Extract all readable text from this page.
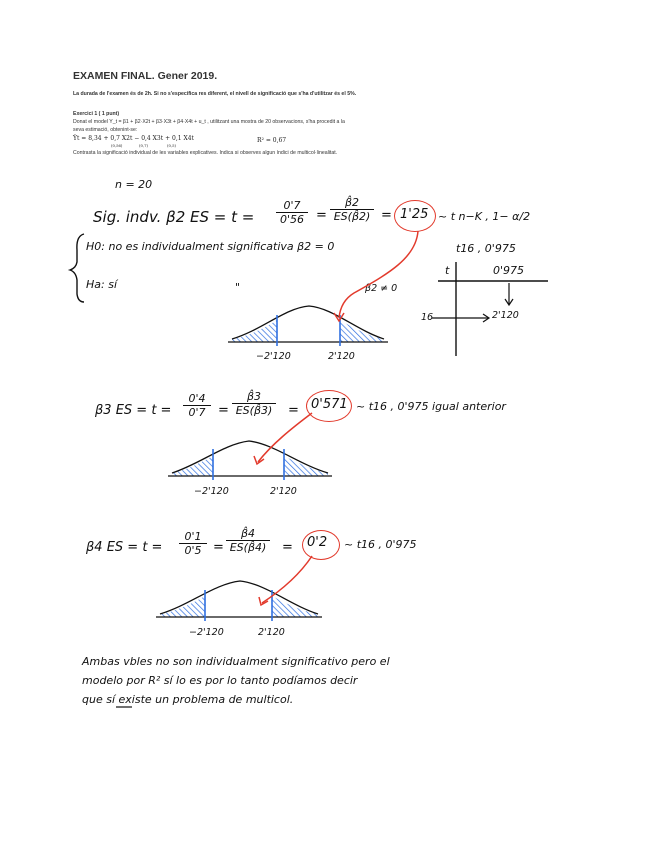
EXAMEN FINAL. Gener 2019.
La durada de l'examen és de 2h. Si no s'especifica res diferent, el nivell de significació que s'ha d'utilitzar és el 5%.
Exercici 1 ( 1 punt)
Donat el model Y_t = β1 + β2·X2t + β3·X3t + β4·X4t + u_t , utilitzant una mostra de 20 observacions, s'ha procedit a la
seva estimació, obtenint-se:
Ŷt = 8,34 + 0,7 X2t − 0,4 X3t + 0,1 X4t
(0,56)	(0,7)	(0,5)
R² = 0,67
Contrasta la significació individual de les variables explicatives. Indica si observes algun índici de multicol·linealitat.
n = 20
Sig. indv. β2 ES = $t = \frac{0'7}{0'56} = \frac{\betâ2}{ES(\betâ2)} = 1'25$ ~ t n−K , 1− α/2
H0: no es individualment significativa β2 = 0
Ha: sí	"	β2 ≠ 0
t16 , 0'975
t	0'975
16	2'120
−2'120	2'120
β3 ES = $t = \frac{0'4}{0'7} = \frac{\betâ3}{ES(\betâ3)} = 0'571$ ~ t16 , 0'975 igual anterior
−2'120	2'120
β4 ES = $t = \frac{0'1}{0'5} = \frac{\betâ4}{ES(\betâ4)} = 0'2$ ~ t16 , 0'975
−2'120	2'120
Ambas vbles no son individualment significativo pero el
modelo por R² sí lo es por lo tanto podíamos decir
que sí existe un problema de multicol.
